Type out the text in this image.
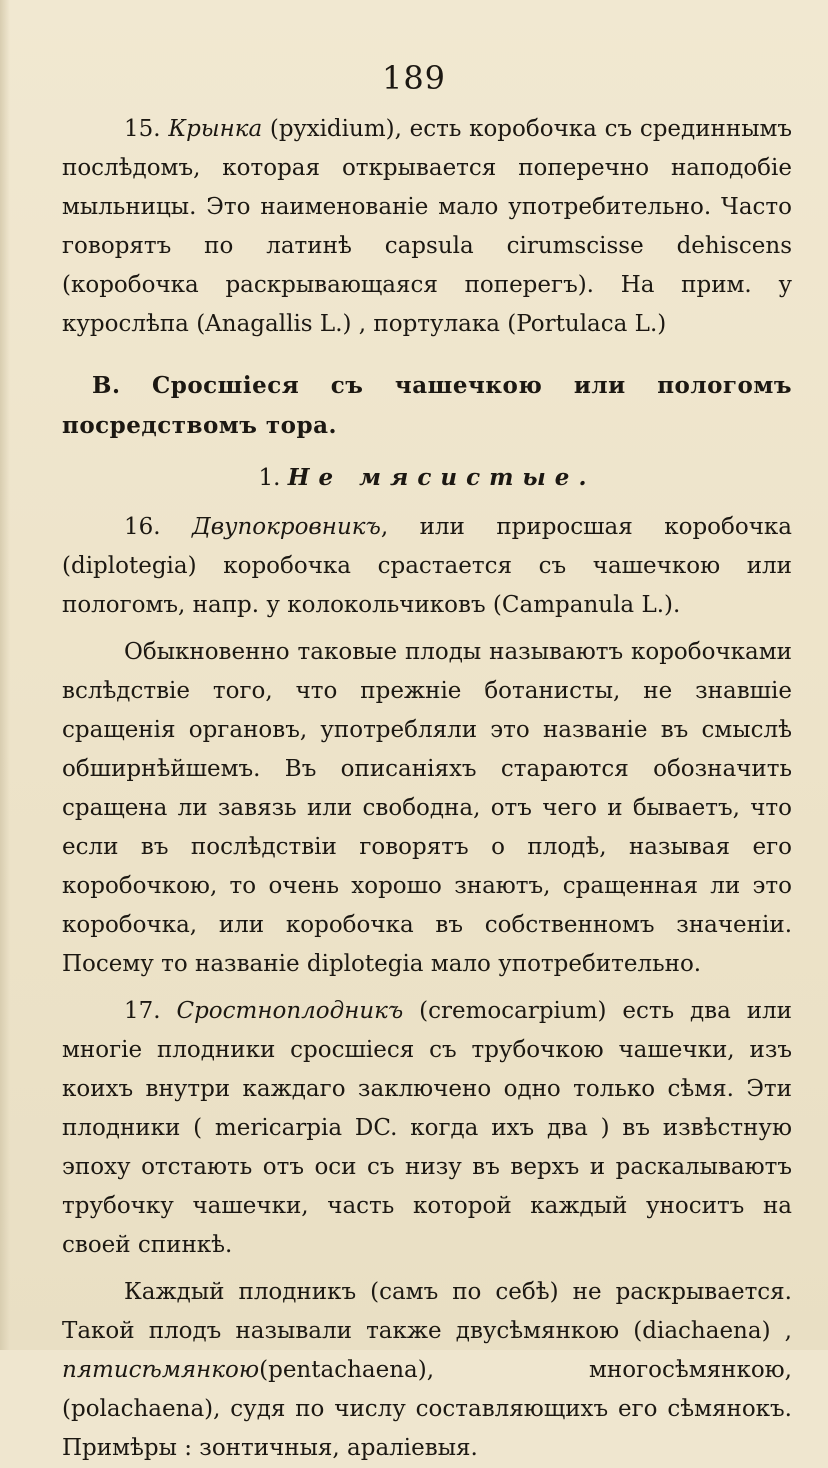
189

15. Крынка (pyxidium), есть коробочка съ срединнымъ послѣдомъ, которая открывается поперечно наподобіе мыльницы. Это наименованіе мало употребительно. Часто говорятъ по латинѣ capsula cirumscisse dehiscens (коробочка раскрывающаяся поперегъ). На прим. у курослѣпа (Anagallis L.) , портулака (Portulaca L.)

В. Сросшіеся съ чашечкою или пологомъ посредствомъ тора.

1. Не мясистые.

16. Двупокровникъ, или приросшая коробочка (diplotegia) коробочка срастается съ чашечкою или пологомъ, напр. у колокольчиковъ (Campanula L.).

Обыкновенно таковые плоды называютъ коробочками вслѣдствіе того, что прежніе ботанисты, не знавшіе сращенія органовъ, употребляли это названіе въ смыслѣ обширнѣйшемъ. Въ описаніяхъ стараются обозначить сращена ли завязь или свободна, отъ чего и бываетъ, что если въ послѣдствіи говорятъ о плодѣ, называя его коробочкою, то очень хорошо знаютъ, сращенная ли это коробочка, или коробочка въ собственномъ значеніи. Посему то названіе diplotegia мало употребительно.

17. Сростноплодникъ (cremocarpium) есть два или многіе плодники сросшіеся съ трубочкою чашечки, изъ коихъ внутри каждаго заключено одно только сѣмя. Эти плодники ( mericarpia DC. когда ихъ два ) въ извѣстную эпоху отстають отъ оси съ низу въ верхъ и раскалываютъ трубочку чашечки, часть которой каждый уноситъ на своей спинкѣ.

Каждый плодникъ (самъ по себѣ) не раскрывается. Такой плодъ называли также двусѣмянкою (diachaena) , пятисѣмянкою(pentachaena), многосѣмянкою, (polachaena), судя по числу составляющихъ его сѣмянокъ. Примѣры : зонтичныя, араліевыя.
